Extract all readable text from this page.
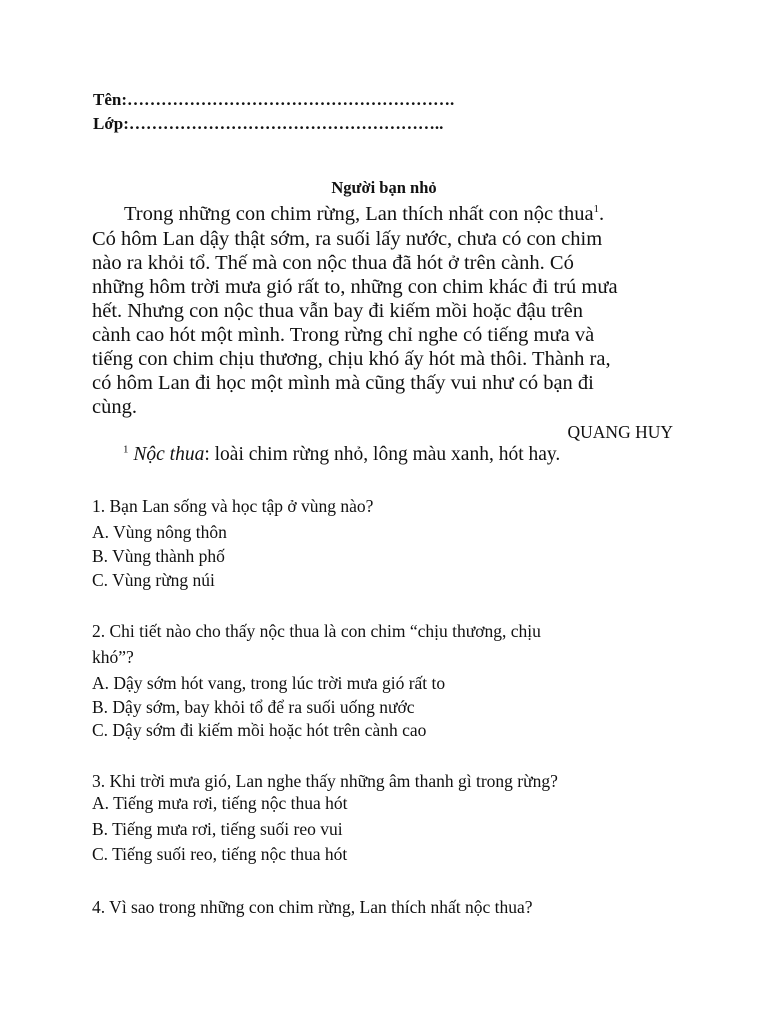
Tên:………………………………………………….
Lớp:………………………………………………..
Người bạn nhỏ
Trong những con chim rừng, Lan thích nhất con nộc thua$^1$.
Có hôm Lan dậy thật sớm, ra suối lấy nước, chưa có con chim
nào ra khỏi tổ. Thế mà con nộc thua đã hót ở trên cành. Có
những hôm trời mưa gió rất to, những con chim khác đi trú mưa
hết. Nhưng con nộc thua vẫn bay đi kiếm mồi hoặc đậu trên
cành cao hót một mình. Trong rừng chỉ nghe có tiếng mưa và
tiếng con chim chịu thương, chịu khó ấy hót mà thôi. Thành ra,
có hôm Lan đi học một mình mà cũng thấy vui như có bạn đi
cùng.
QUANG HUY
$^1$ Nộc thua: loài chim rừng nhỏ, lông màu xanh, hót hay.
1. Bạn Lan sống và học tập ở vùng nào?
A. Vùng nông thôn
B. Vùng thành phố
C. Vùng rừng núi
2. Chi tiết nào cho thấy nộc thua là con chim “chịu thương, chịu
khó”?
A. Dậy sớm hót vang, trong lúc trời mưa gió rất to
B. Dậy sớm, bay khỏi tổ để ra suối uống nước
C. Dậy sớm đi kiếm mồi hoặc hót trên cành cao
3. Khi trời mưa gió, Lan nghe thấy những âm thanh gì trong rừng?
A. Tiếng mưa rơi, tiếng nộc thua hót
B. Tiếng mưa rơi, tiếng suối reo vui
C. Tiếng suối reo, tiếng nộc thua hót
4. Vì sao trong những con chim rừng, Lan thích nhất nộc thua?
